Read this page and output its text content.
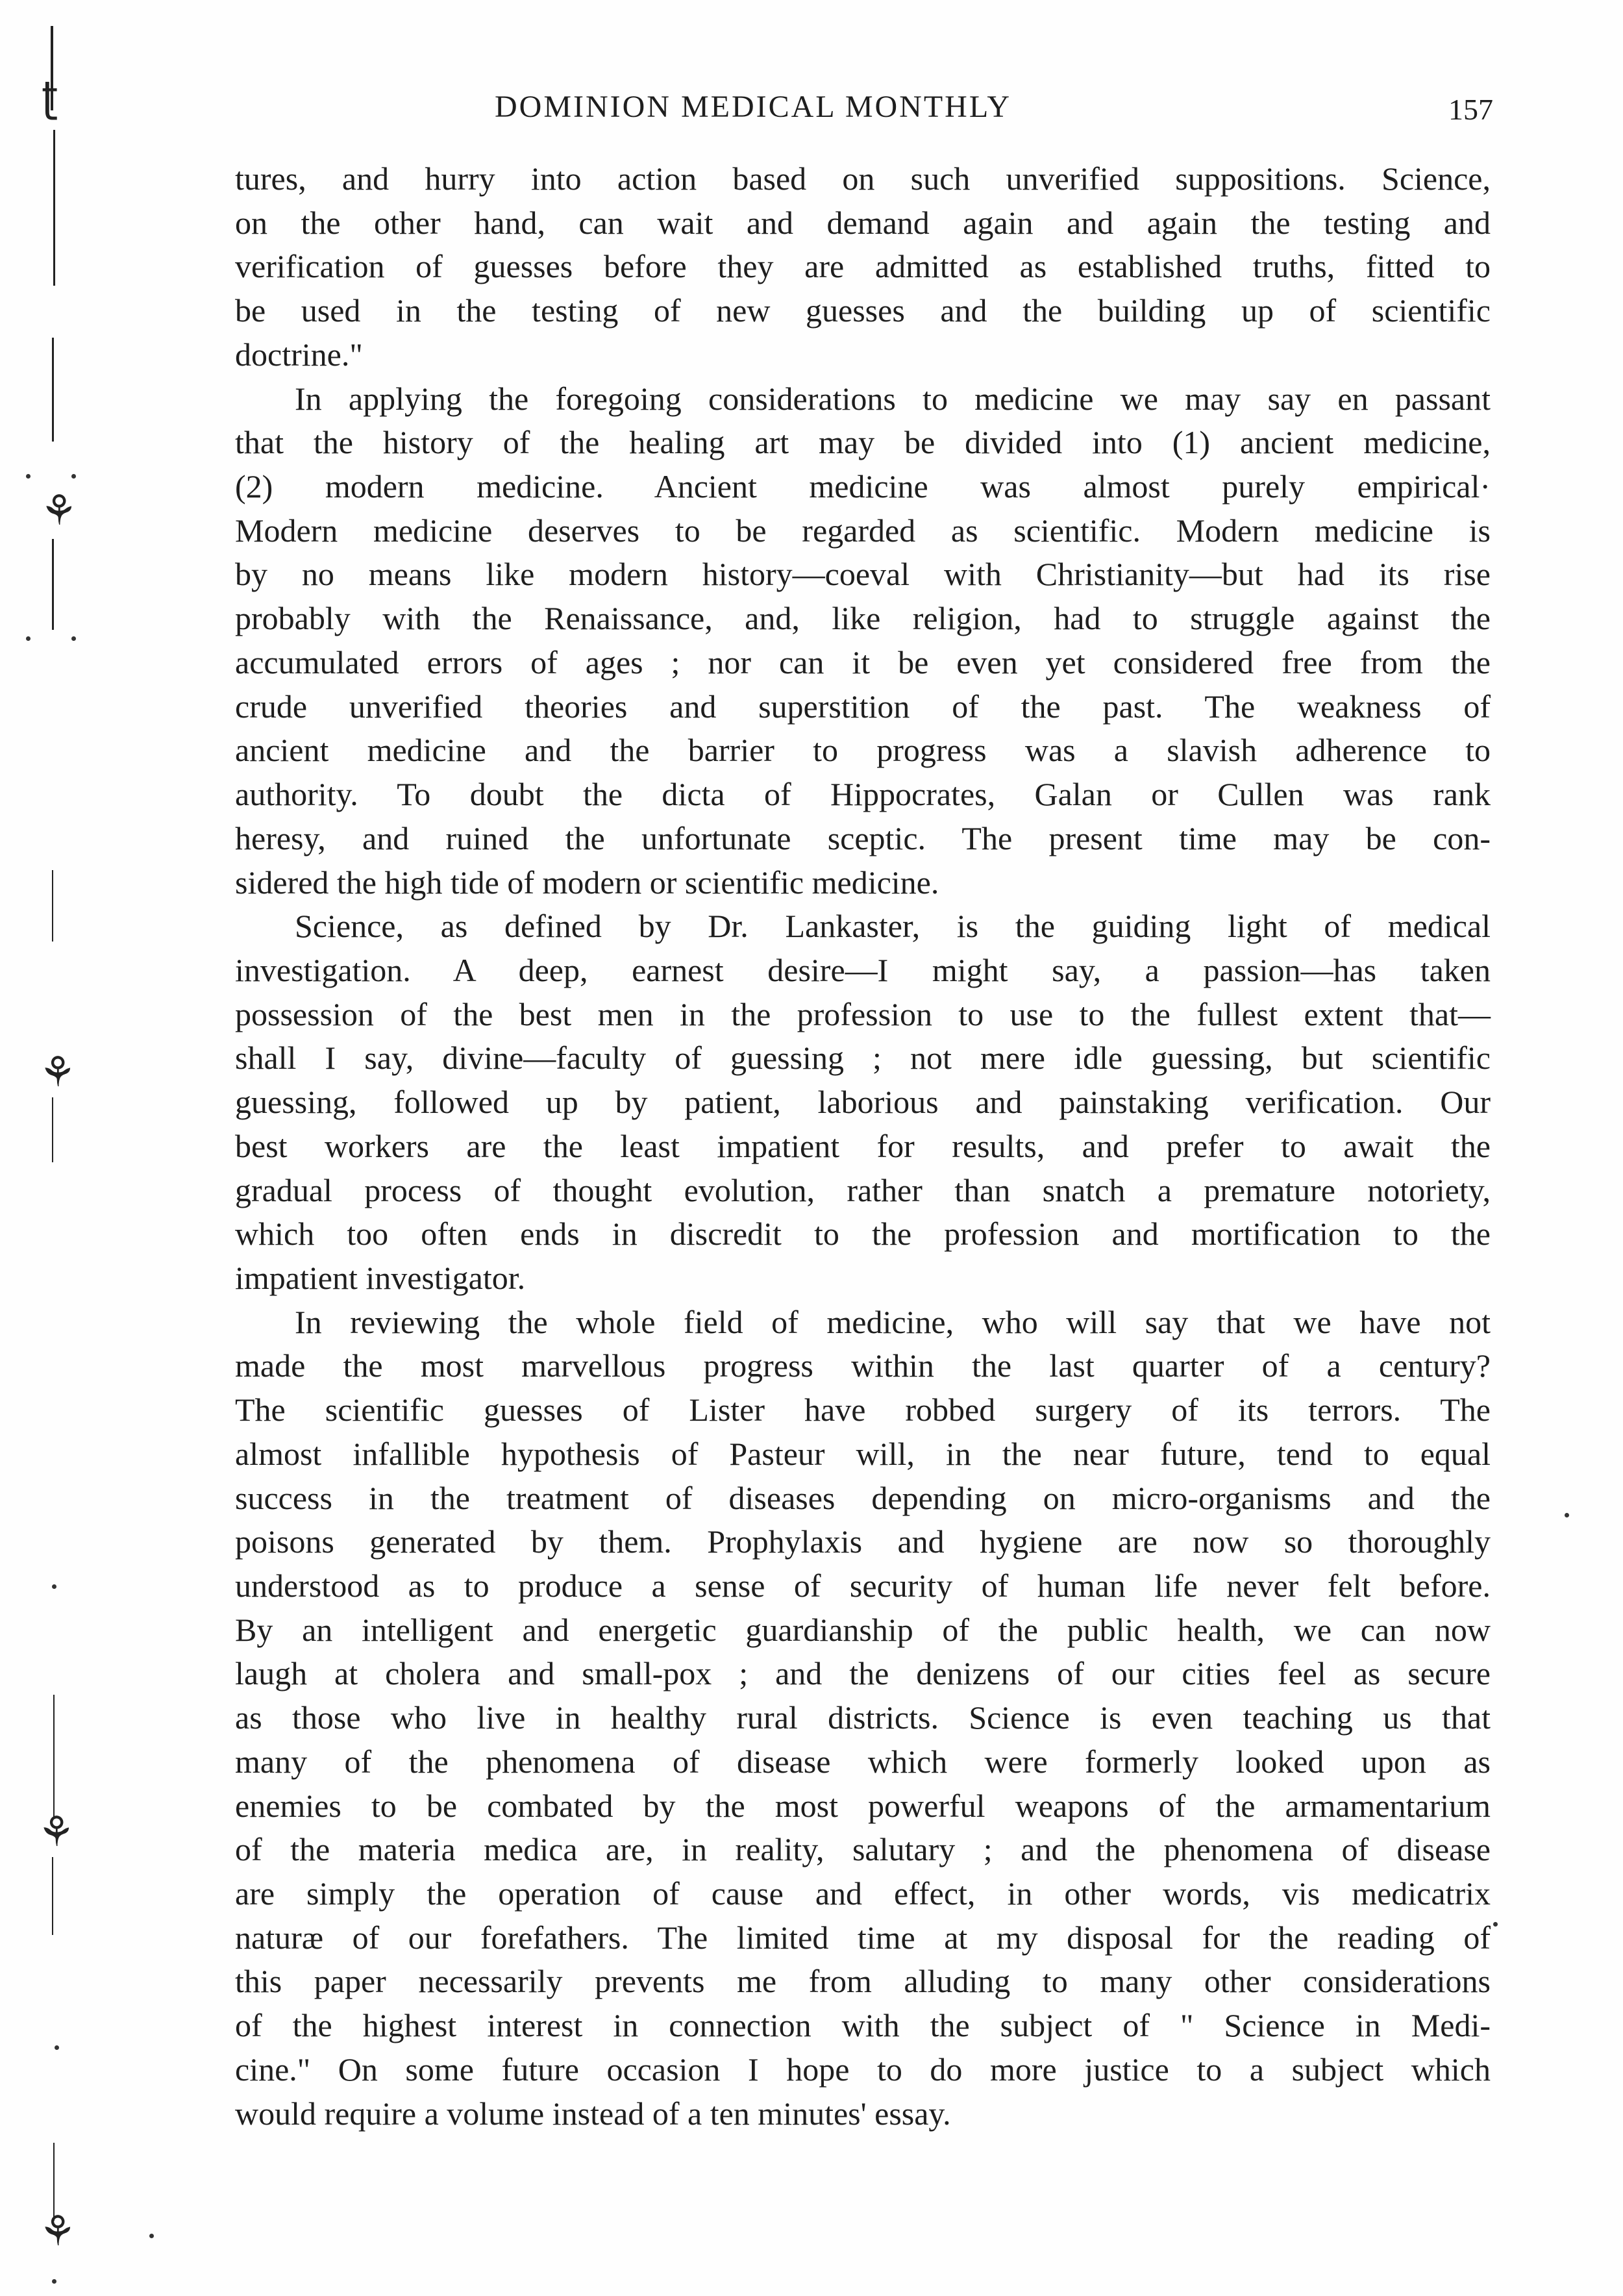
ʈ
⚘
⚘
⚘
⚘
DOMINION MEDICAL MONTHLY	157
tures, and hurry into action based on such unverified suppositions. Science,
on the other hand, can wait and demand again and again the testing and
verification of guesses before they are admitted as established truths, fitted to
be used in the testing of new guesses and the building up of scientific
doctrine."
In applying the foregoing considerations to medicine we may say en passant
that the history of the healing art may be divided into (1) ancient medicine,
(2) modern medicine. Ancient medicine was almost purely empirical·
Modern medicine deserves to be regarded as scientific. Modern medicine is
by no means like modern history—coeval with Christianity—but had its rise
probably with the Renaissance, and, like religion, had to struggle against the
accumulated errors of ages ; nor can it be even yet considered free from the
crude unverified theories and superstition of the past. The weakness of
ancient medicine and the barrier to progress was a slavish adherence to
authority. To doubt the dicta of Hippocrates, Galan or Cullen was rank
heresy, and ruined the unfortunate sceptic. The present time may be con-
sidered the high tide of modern or scientific medicine.
Science, as defined by Dr. Lankaster, is the guiding light of medical
investigation. A deep, earnest desire—I might say, a passion—has taken
possession of the best men in the profession to use to the fullest extent that—
shall I say, divine—faculty of guessing ; not mere idle guessing, but scientific
guessing, followed up by patient, laborious and painstaking verification. Our
best workers are the least impatient for results, and prefer to await the
gradual process of thought evolution, rather than snatch a premature notoriety,
which too often ends in discredit to the profession and mortification to the
impatient investigator.
In reviewing the whole field of medicine, who will say that we have not
made the most marvellous progress within the last quarter of a century?
The scientific guesses of Lister have robbed surgery of its terrors. The
almost infallible hypothesis of Pasteur will, in the near future, tend to equal
success in the treatment of diseases depending on micro-organisms and the
poisons generated by them. Prophylaxis and hygiene are now so thoroughly
understood as to produce a sense of security of human life never felt before.
By an intelligent and energetic guardianship of the public health, we can now
laugh at cholera and small-pox ; and the denizens of our cities feel as secure
as those who live in healthy rural districts. Science is even teaching us that
many of the phenomena of disease which were formerly looked upon as
enemies to be combated by the most powerful weapons of the armamentarium
of the materia medica are, in reality, salutary ; and the phenomena of disease
are simply the operation of cause and effect, in other words, vis medicatrix
naturæ of our forefathers. The limited time at my disposal for the reading of
this paper necessarily prevents me from alluding to many other considerations
of the highest interest in connection with the subject of " Science in Medi-
cine." On some future occasion I hope to do more justice to a subject which
would require a volume instead of a ten minutes' essay.
